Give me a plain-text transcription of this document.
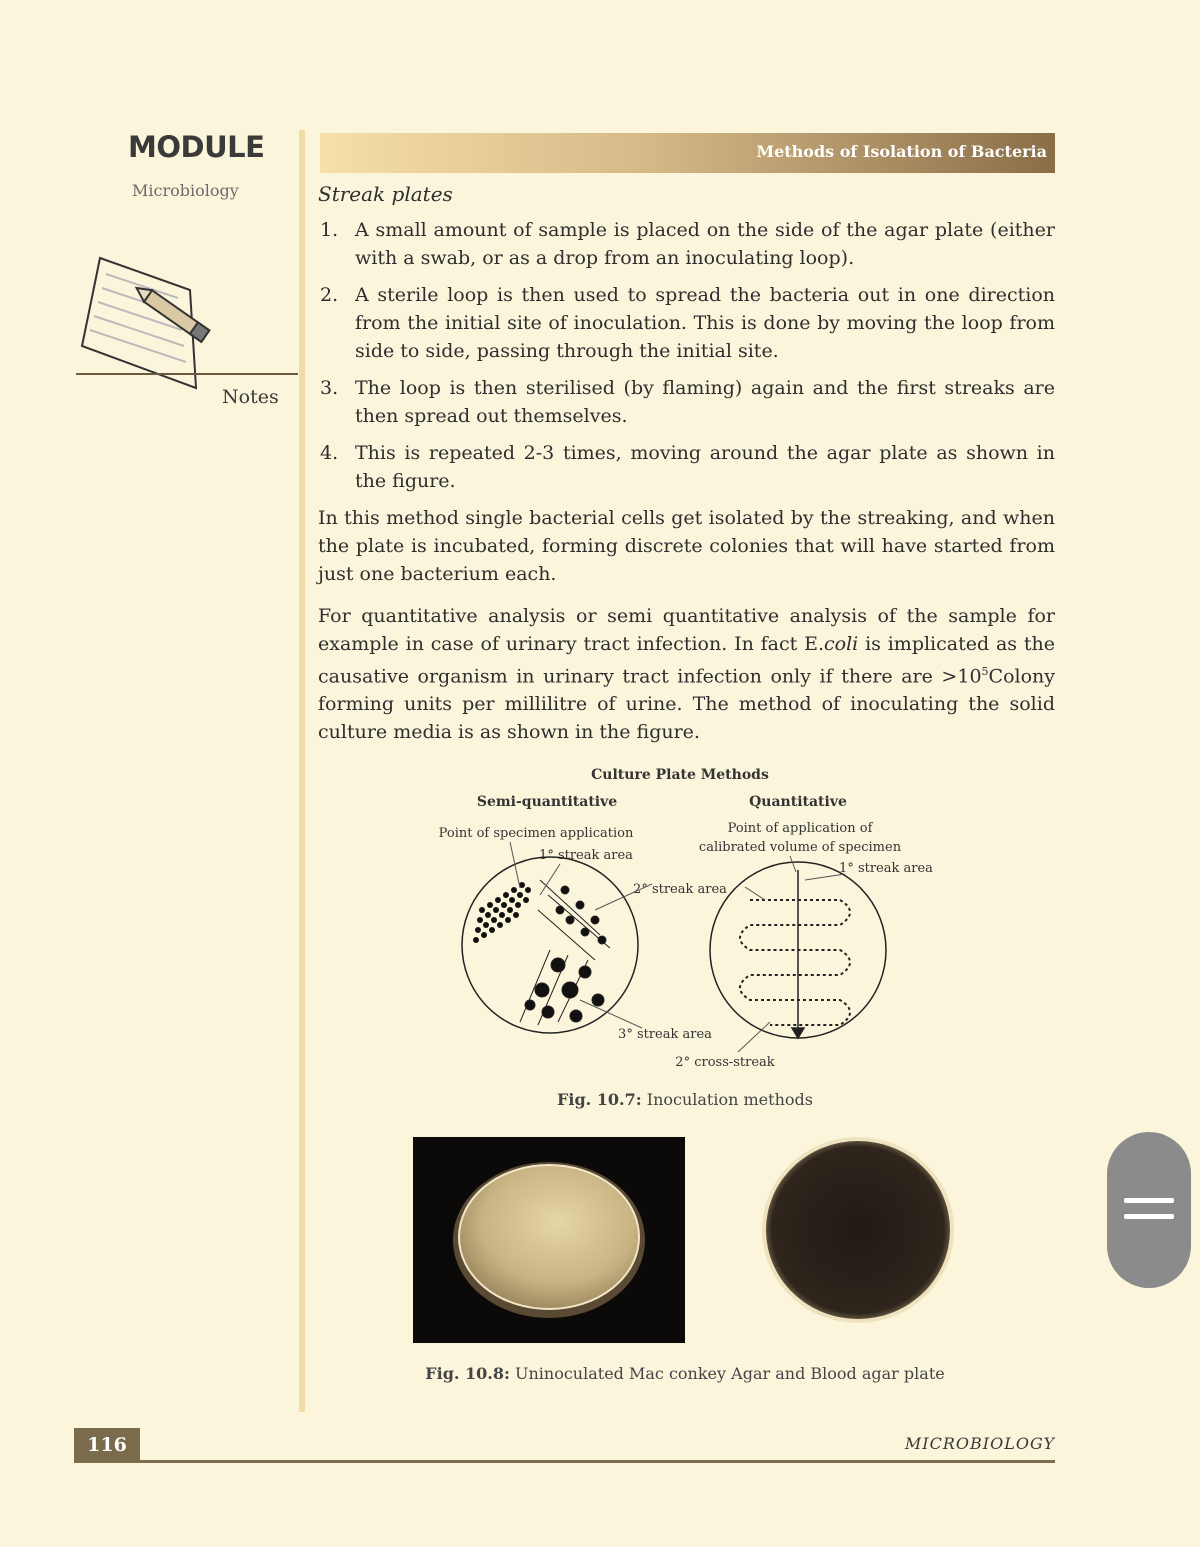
MODULE
Microbiology
Notes
Methods of Isolation of Bacteria
Streak plates
1. A small amount of sample is placed on the side of the agar plate (either with a swab, or as a drop from an inoculating loop).
2. A sterile loop is then used to spread the bacteria out in one direction from the initial site of inoculation. This is done by moving the loop from side to side, passing through the initial site.
3. The loop is then sterilised (by flaming) again and the first streaks are then spread out themselves.
4. This is repeated 2-3 times, moving around the agar plate as shown in the figure.

In this method single bacterial cells get isolated by the streaking, and when the plate is incubated, forming discrete colonies that will have started from just one bacterium each.

For quantitative analysis or semi quantitative analysis of the sample for example in case of urinary tract infection. In fact E.coli is implicated as the causative organism in urinary tract infection only if there are $>10^5Colony$ forming units per millilitre of urine. The method of inoculating the solid culture media is as shown in the figure.

Culture Plate Methods
Semi-quantitative	Quantitative
Point of specimen application
1° streak area
2° streak area
Point of application of
calibrated volume of specimen
1° streak area
3° streak area
2° cross-streak
Fig. 10.7: Inoculation methods
Fig. 10.8: Uninoculated Mac conkey Agar and Blood agar plate
116	MICROBIOLOGY
